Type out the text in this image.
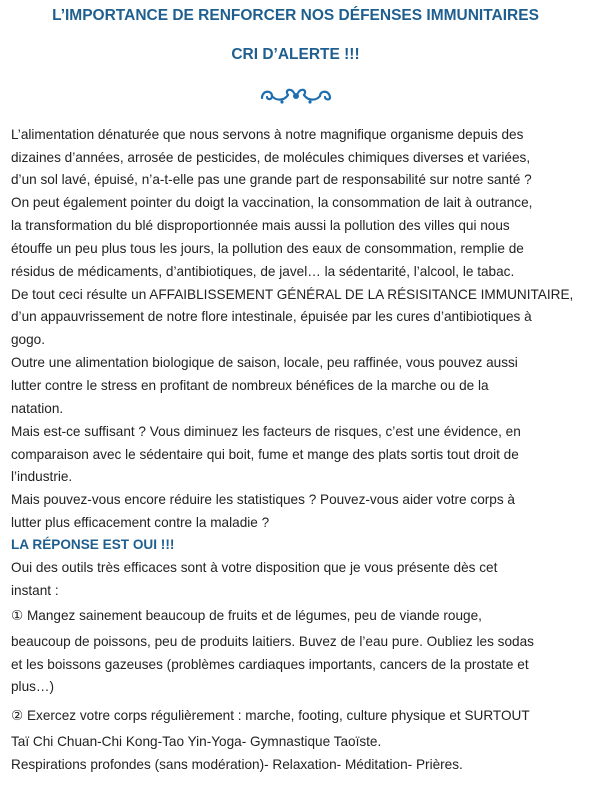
L’IMPORTANCE DE RENFORCER NOS DÉFENSES IMMUNITAIRES
CRI D’ALERTE !!!
L’alimentation dénaturée que nous servons à notre magnifique organisme depuis des
dizaines d’années, arrosée de pesticides, de molécules chimiques diverses et variées,
d’un sol lavé, épuisé, n’a-t-elle pas une grande part de responsabilité sur notre santé ?
On peut également pointer du doigt la vaccination, la consommation de lait à outrance,
la transformation du blé disproportionnée mais aussi la pollution des villes qui nous
étouffe un peu plus tous les jours, la pollution des eaux de consommation, remplie de
résidus de médicaments, d’antibiotiques, de javel… la sédentarité, l’alcool, le tabac.
De tout ceci résulte un AFFAIBLISSEMENT GÉNÉRAL DE LA RÉSISITANCE IMMUNITAIRE,
d’un appauvrissement de notre flore intestinale, épuisée par les cures d’antibiotiques à
gogo.
Outre une alimentation biologique de saison, locale, peu raffinée, vous pouvez aussi
lutter contre le stress en profitant de nombreux bénéfices de la marche ou de la
natation.
Mais est-ce suffisant ? Vous diminuez les facteurs de risques, c’est une évidence, en
comparaison avec le sédentaire qui boit, fume et mange des plats sortis tout droit de
l’industrie.
Mais pouvez-vous encore réduire les statistiques ? Pouvez-vous aider votre corps à
lutter plus efficacement contre la maladie ?
LA RÉPONSE EST OUI !!!
Oui des outils très efficaces sont à votre disposition que je vous présente dès cet
instant :
① Mangez sainement beaucoup de fruits et de légumes, peu de viande rouge,
beaucoup de poissons, peu de produits laitiers. Buvez de l’eau pure. Oubliez les sodas
et les boissons gazeuses (problèmes cardiaques importants, cancers de la prostate et
plus…)
② Exercez votre corps régulièrement : marche, footing, culture physique et SURTOUT
Taï Chi Chuan-Chi Kong-Tao Yin-Yoga- Gymnastique Taoïste.
Respirations profondes (sans modération)- Relaxation- Méditation- Prières.
